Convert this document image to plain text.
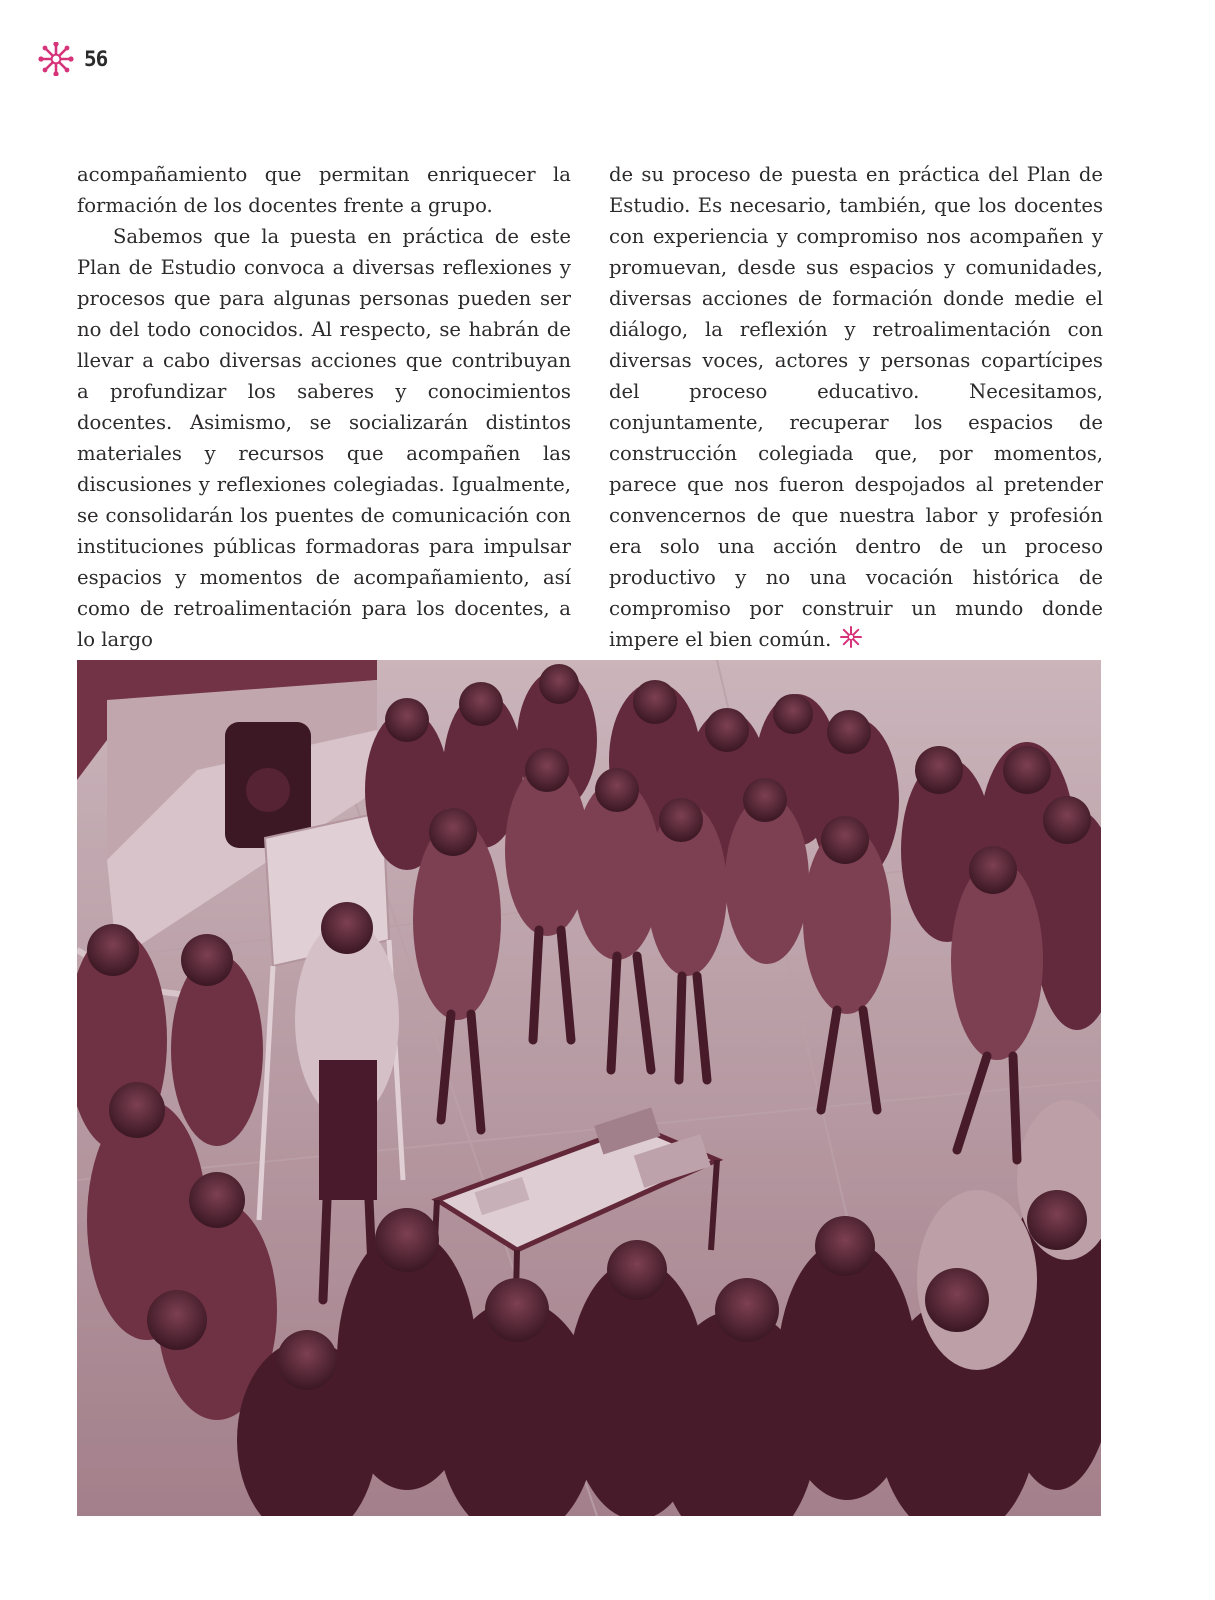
56

acompañamiento que permitan enriquecer la formación de los docentes frente a grupo.

Sabemos que la puesta en práctica de este Plan de Estudio convoca a diversas reflexiones y procesos que para algunas personas pueden ser no del todo conocidos. Al respecto, se habrán de llevar a cabo diversas acciones que contribuyan a profundizar los saberes y conocimientos docentes. Asimismo, se socializarán distintos materiales y recursos que acompañen las discusiones y reflexiones colegiadas. Igualmente, se consolidarán los puentes de comunicación con instituciones públicas formadoras para impulsar espacios y momentos de acompañamiento, así como de retroalimentación para los docentes, a lo largo

de su proceso de puesta en práctica del Plan de Estudio. Es necesario, también, que los docentes con experiencia y compromiso nos acompañen y promuevan, desde sus espacios y comunidades, diversas acciones de formación donde medie el diálogo, la reflexión y retroalimentación con diversas voces, actores y personas copartícipes del proceso educativo. Necesitamos, conjuntamente, recuperar los espacios de construcción colegiada que, por momentos, parece que nos fueron despojados al pretender convencernos de que nuestra labor y profesión era solo una acción dentro de un proceso productivo y no una vocación histórica de compromiso por construir un mundo donde impere el bien común.
